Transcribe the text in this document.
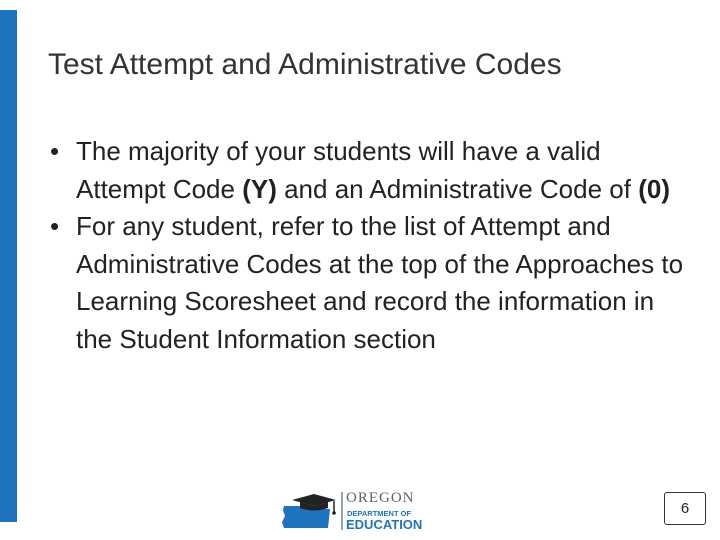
Test Attempt and Administrative Codes
• The majority of your students will have a valid Attempt Code (Y) and an Administrative Code of (0)
• For any student, refer to the list of Attempt and Administrative Codes at the top of the Approaches to Learning Scoresheet and record the information in the Student Information section
OREGON
DEPARTMENT OF
EDUCATION
6
